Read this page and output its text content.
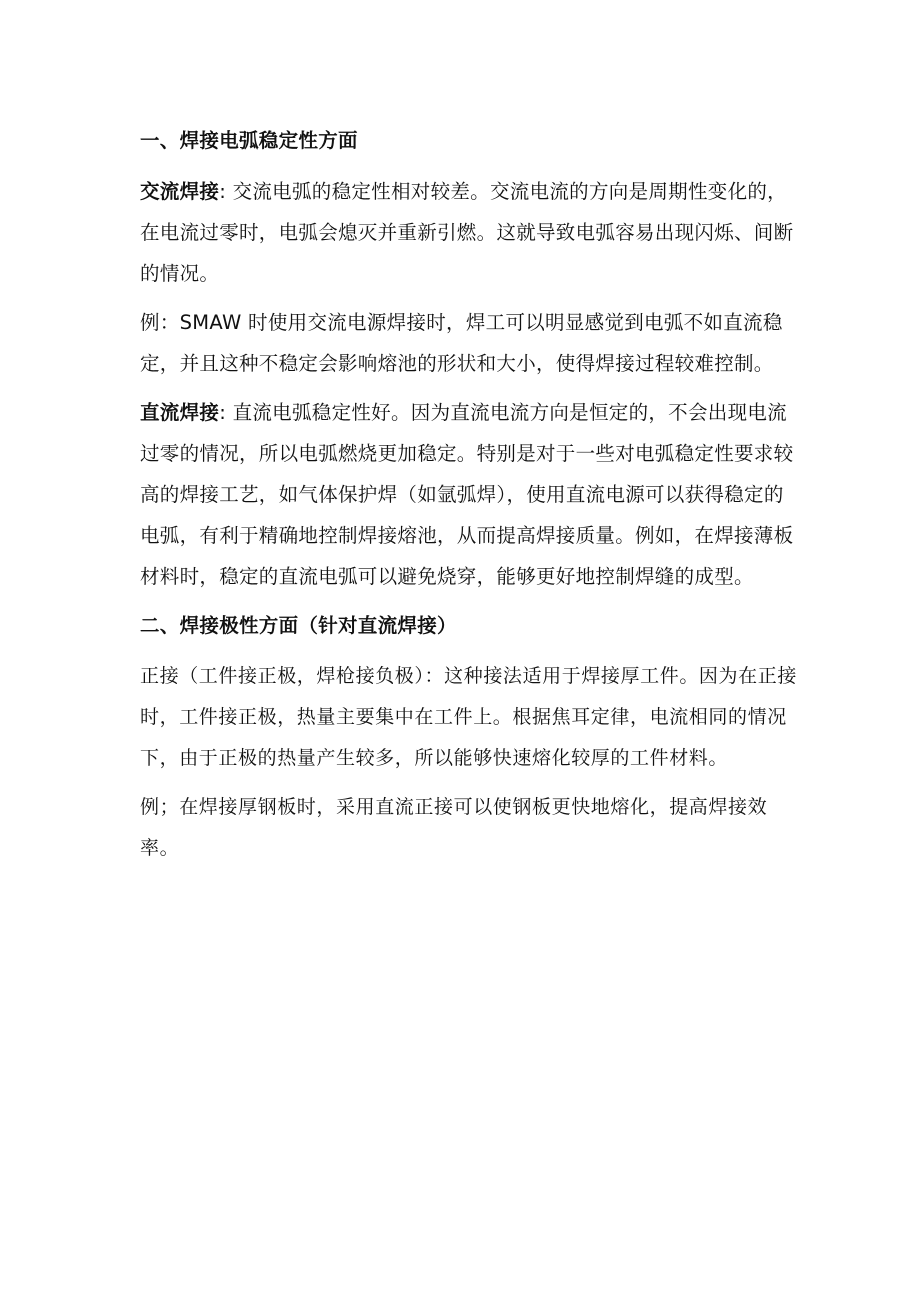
一、焊接电弧稳定性方面

交流焊接: 交流电弧的稳定性相对较差。交流电流的方向是周期性变化的，在电流过零时，电弧会熄灭并重新引燃。这就导致电弧容易出现闪烁、间断的情况。

例：SMAW 时使用交流电源焊接时，焊工可以明显感觉到电弧不如直流稳定，并且这种不稳定会影响熔池的形状和大小，使得焊接过程较难控制。

直流焊接: 直流电弧稳定性好。因为直流电流方向是恒定的，不会出现电流过零的情况，所以电弧燃烧更加稳定。特别是对于一些对电弧稳定性要求较高的焊接工艺，如气体保护焊（如氩弧焊），使用直流电源可以获得稳定的电弧，有利于精确地控制焊接熔池，从而提高焊接质量。例如，在焊接薄板材料时，稳定的直流电弧可以避免烧穿，能够更好地控制焊缝的成型。

二、焊接极性方面（针对直流焊接）

正接（工件接正极，焊枪接负极）：这种接法适用于焊接厚工件。因为在正接时，工件接正极，热量主要集中在工件上。根据焦耳定律，电流相同的情况下，由于正极的热量产生较多，所以能够快速熔化较厚的工件材料。

例；在焊接厚钢板时，采用直流正接可以使钢板更快地熔化，提高焊接效率。
